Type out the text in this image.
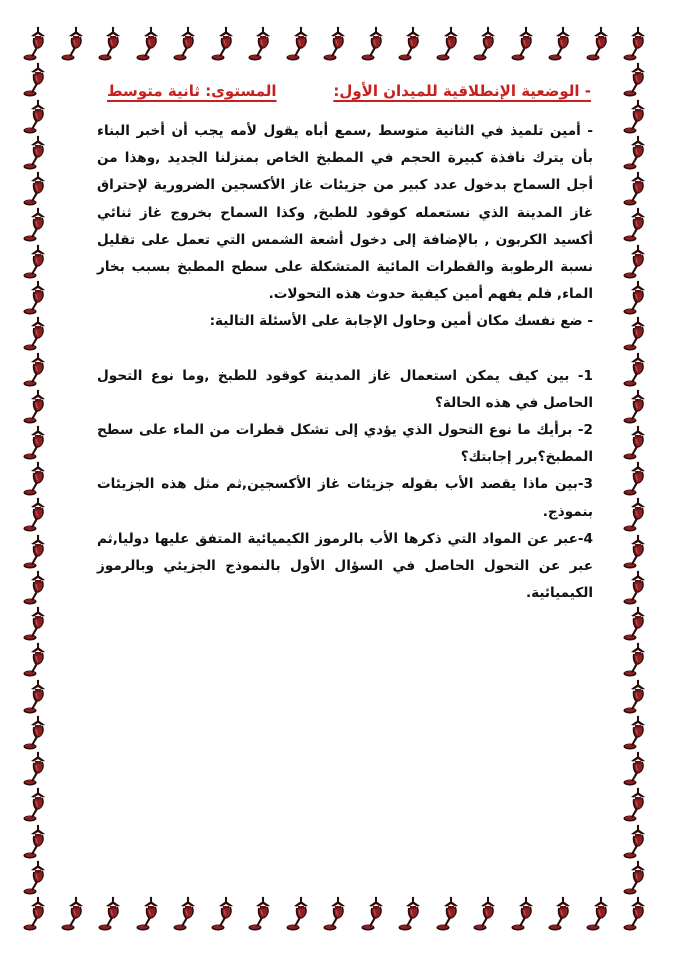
- الوضعية الإنطلاقية للميدان الأول:
المستوى: ثانية متوسط

- أمين تلميذ في الثانية متوسط ,سمع أباه يقول لأمه يجب أن أخبر البناء بأن يترك نافذة كبيرة الحجم في المطبخ الخاص بمنزلنا الجديد ,وهذا من أجل السماح بدخول عدد كبير من جزيئات غاز الأكسجين الضرورية لإحتراق غاز المدينة الذي نستعمله كوقود للطبخ, وكذا السماح بخروج غاز ثنائي أكسيد الكربون , بالإضافة إلى دخول أشعة الشمس التي تعمل على تقليل نسبة الرطوبة والقطرات المائية المتشكلة على سطح المطبخ بسبب بخار الماء, فلم يفهم أمين كيفية حدوث هذه التحولات.

- ضع نفسك مكان أمين وحاول الإجابة على الأسئلة التالية:

1- بين كيف يمكن استعمال غاز المدينة كوقود للطبخ ,وما نوع التحول الحاصل في هذه الحالة؟

2- برأيك ما نوع التحول الذي يؤدي إلى تشكل قطرات من الماء على سطح المطبخ؟برر إجابتك؟

3-بين ماذا يقصد الأب بقوله جزيئات غاز الأكسجين,ثم مثل هذه الجزيئات بنموذج.

4-عبر عن المواد التي ذكرها الأب بالرموز الكيميائية المتفق عليها دوليا,ثم عبر عن التحول الحاصل في السؤال الأول بالنموذج الجزيئي وبالرموز الكيميائية.
